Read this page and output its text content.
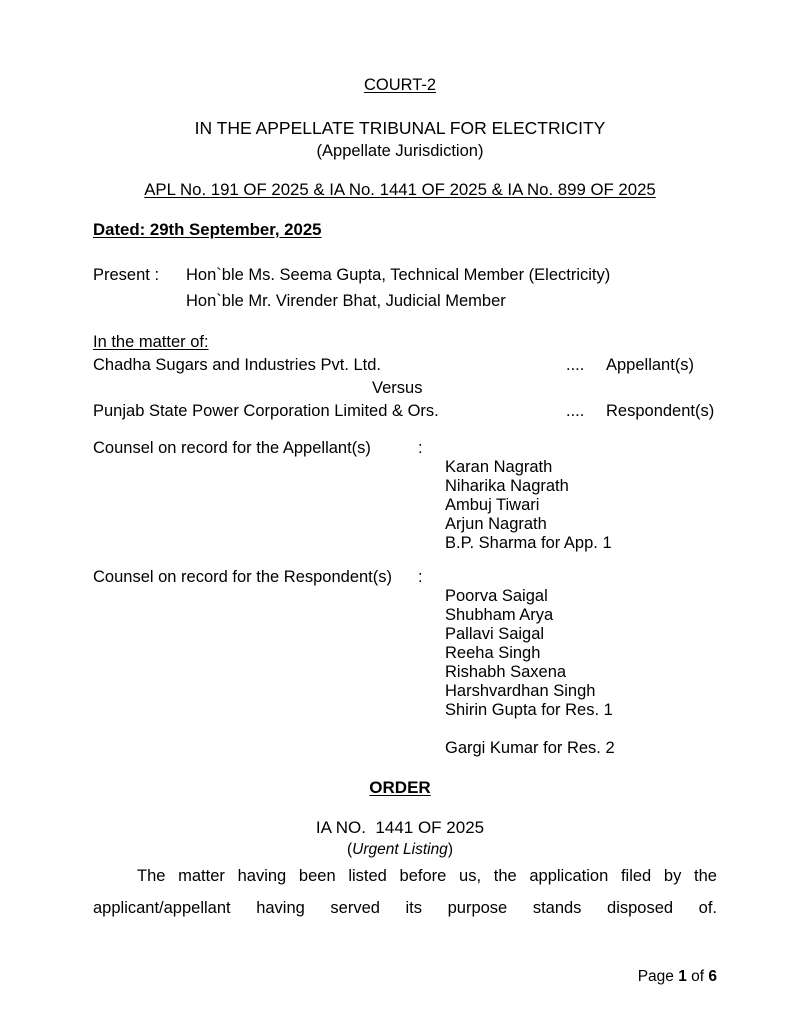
COURT-2
IN THE APPELLATE TRIBUNAL FOR ELECTRICITY
(Appellate Jurisdiction)
APL No. 191 OF 2025 & IA No. 1441 OF 2025 & IA No. 899 OF 2025
Dated: 29th September, 2025
Present :	Hon`ble Ms. Seema Gupta, Technical Member (Electricity)
Hon`ble Mr. Virender Bhat, Judicial Member
In the matter of:
Chadha Sugars and Industries Pvt. Ltd.	.... Appellant(s)
Versus
Punjab State Power Corporation Limited & Ors.	.... Respondent(s)
Counsel on record for the Appellant(s)	:
Karan Nagrath
Niharika Nagrath
Ambuj Tiwari
Arjun Nagrath
B.P. Sharma for App. 1
Counsel on record for the Respondent(s) :
Poorva Saigal
Shubham Arya
Pallavi Saigal
Reeha Singh
Rishabh Saxena
Harshvardhan Singh
Shirin Gupta for Res. 1
Gargi Kumar for Res. 2
ORDER
IA NO.  1441 OF 2025
(Urgent Listing)
The matter having been listed before us, the application filed by the applicant/appellant having served its purpose stands disposed of.

Page 1 of 6
